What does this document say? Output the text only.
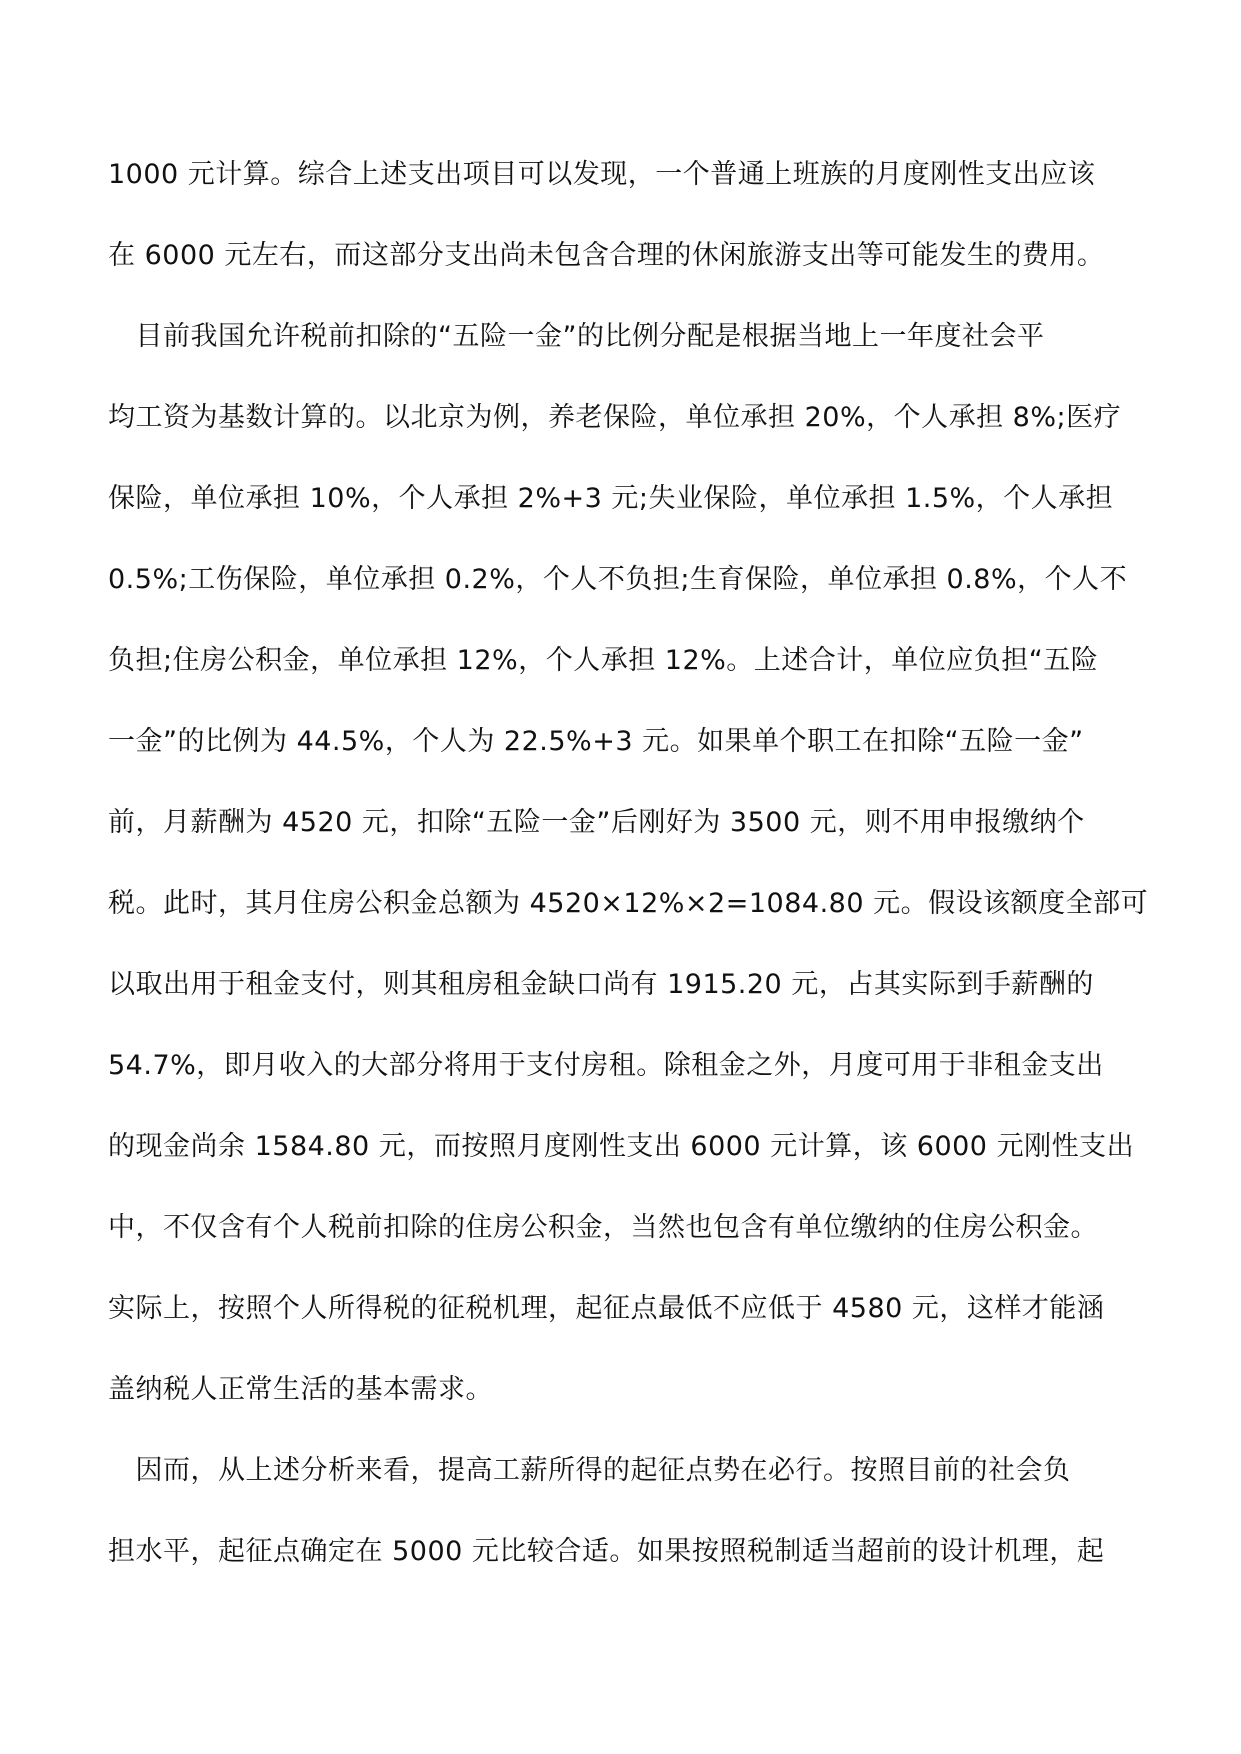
1000 元计算。综合上述支出项目可以发现，一个普通上班族的月度刚性支出应该
在 6000 元左右，而这部分支出尚未包含合理的休闲旅游支出等可能发生的费用。
　目前我国允许税前扣除的“五险一金”的比例分配是根据当地上一年度社会平
均工资为基数计算的。以北京为例，养老保险，单位承担 20%，个人承担 8%;医疗
保险，单位承担 10%，个人承担 2%+3 元;失业保险，单位承担 1.5%，个人承担
0.5%;工伤保险，单位承担 0.2%，个人不负担;生育保险，单位承担 0.8%，个人不
负担;住房公积金，单位承担 12%，个人承担 12%。上述合计，单位应负担“五险
一金”的比例为 44.5%，个人为 22.5%+3 元。如果单个职工在扣除“五险一金”
前，月薪酬为 4520 元，扣除“五险一金”后刚好为 3500 元，则不用申报缴纳个
税。此时，其月住房公积金总额为 4520×12%×2=1084.80 元。假设该额度全部可
以取出用于租金支付，则其租房租金缺口尚有 1915.20 元，占其实际到手薪酬的
54.7%，即月收入的大部分将用于支付房租。除租金之外，月度可用于非租金支出
的现金尚余 1584.80 元，而按照月度刚性支出 6000 元计算，该 6000 元刚性支出
中，不仅含有个人税前扣除的住房公积金，当然也包含有单位缴纳的住房公积金。
实际上，按照个人所得税的征税机理，起征点最低不应低于 4580 元，这样才能涵
盖纳税人正常生活的基本需求。
　因而，从上述分析来看，提高工薪所得的起征点势在必行。按照目前的社会负
担水平，起征点确定在 5000 元比较合适。如果按照税制适当超前的设计机理，起
